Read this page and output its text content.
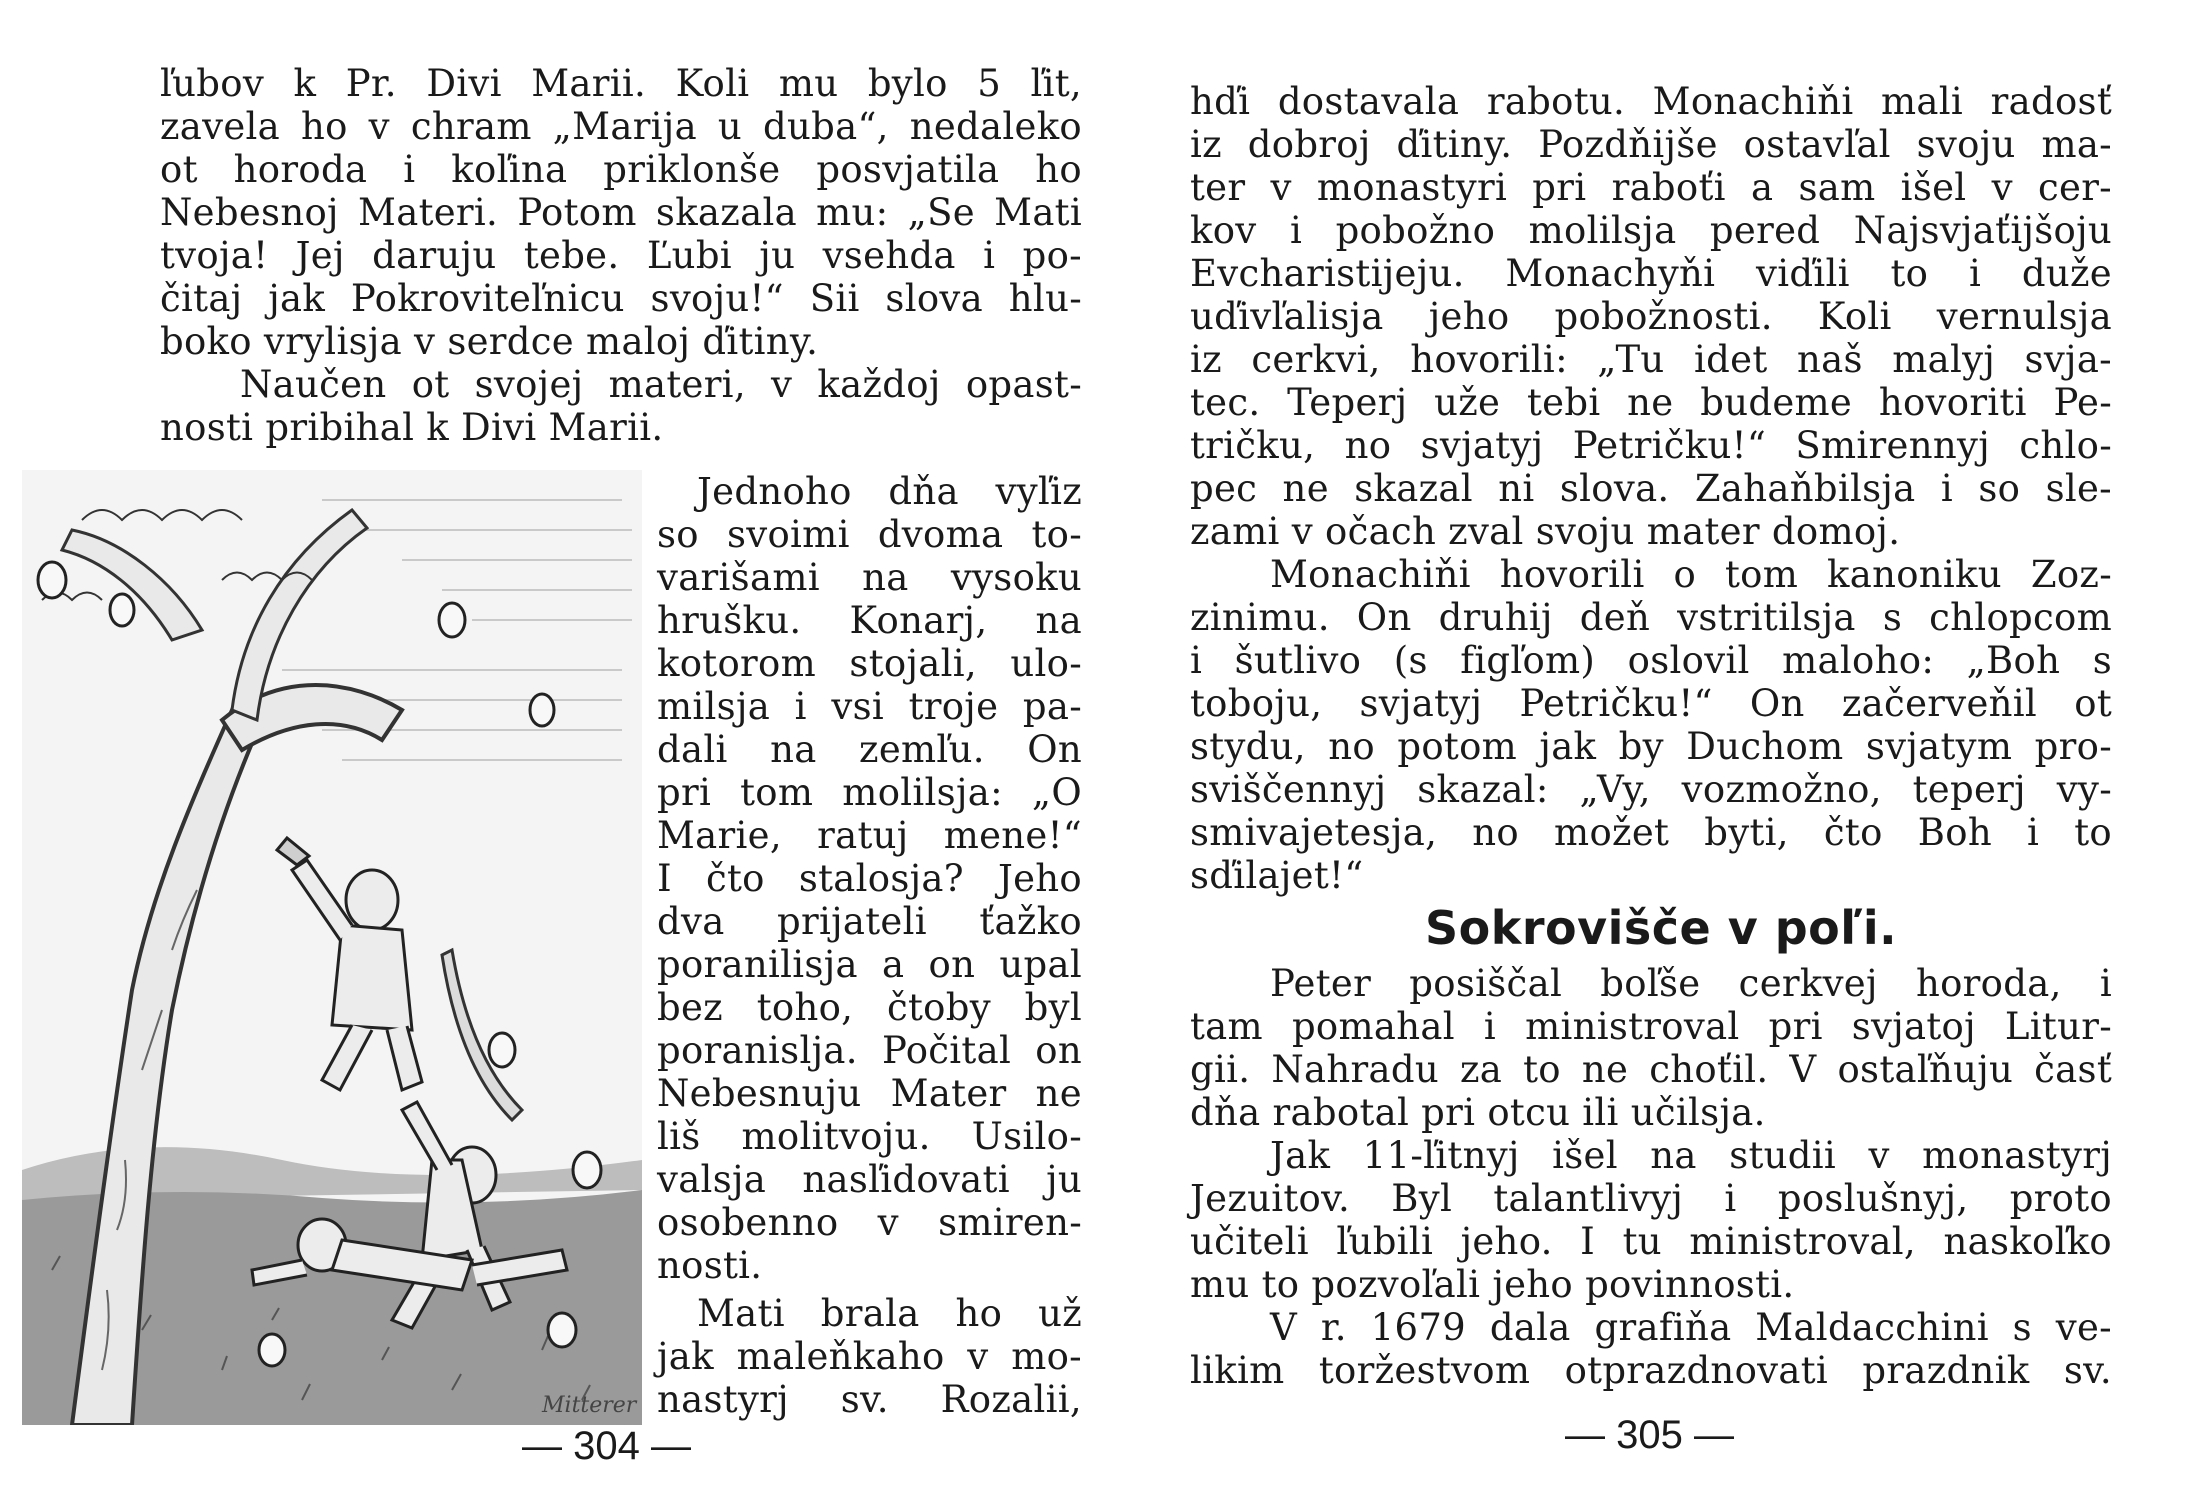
ľubov k Pr. Divi Marii. Koli mu bylo 5 ľit,
zavela ho v chram „Marija u duba“, nedaleko
ot horoda i koľina priklonše posvjatila ho
Nebesnoj Materi. Potom skazala mu: „Se Mati
tvoja! Jej daruju tebe. Ľubi ju vsehda i po-
čitaj jak Pokroviteľnicu svoju!“ Sii slova hlu-
boko vrylisja v serdce maloj ďitiny.
Naučen ot svojej materi, v každoj opast-
nosti pribihal k Divi Marii.
Jednoho dňa vyľiz
so svoimi dvoma to-
varišami na vysoku
hrušku. Konarj, na
kotorom stojali, ulo-
milsja i vsi troje pa-
dali na zemľu. On
pri tom molilsja: „O
Marie, ratuj mene!“
I čto stalosja? Jeho
dva prijateli ťažko
poranilisja a on upal
bez toho, čtoby byl
poranislja. Počital on
Nebesnuju Mater ne
liš molitvoju. Usilo-
valsja nasľidovati ju
osobenno v smiren-
nosti.
Mati brala ho už
jak maleňkaho v mo-
nastyrj sv. Rozalii,
Mitterer
— 304 —
hďi dostavala rabotu. Monachiňi mali radosť
iz dobroj ďitiny. Pozdňijše ostavľal svoju ma-
ter v monastyri pri raboťi a sam išel v cer-
kov i pobožno molilsja pered Najsvjaťijšoju
Evcharistijeju. Monachyňi viďili to i duže
uďivľalisja jeho pobožnosti. Koli vernulsja
iz cerkvi, hovorili: „Tu idet naš malyj svja-
tec. Teperj uže tebi ne budeme hovoriti Pe-
tričku, no svjatyj Petričku!“ Smirennyj chlo-
pec ne skazal ni slova. Zahaňbilsja i so sle-
zami v očach zval svoju mater domoj.
Monachiňi hovorili o tom kanoniku Zoz-
zinimu. On druhij deň vstritilsja s chlopcom
i šutlivo (s figľom) oslovil maloho: „Boh s
toboju, svjatyj Petričku!“ On začerveňil ot
stydu, no potom jak by Duchom svjatym pro-
sviščennyj skazal: „Vy, vozmožno, teperj vy-
smivajetesja, no možet byti, čto Boh i to
sďilajet!“
Sokrovišče v poľi.
Peter posiščal boľše cerkvej horoda, i
tam pomahal i ministroval pri svjatoj Litur-
gii. Nahradu za to ne choťil. V ostaľňuju časť
dňa rabotal pri otcu ili učilsja.
Jak 11-ľitnyj išel na studii v monastyrj
Jezuitov. Byl talantlivyj i poslušnyj, proto
učiteli ľubili jeho. I tu ministroval, naskoľko
mu to pozvoľali jeho povinnosti.
V r. 1679 dala grafiňa Maldacchini s ve-
likim toržestvom otprazdnovati prazdnik sv.
— 305 —
